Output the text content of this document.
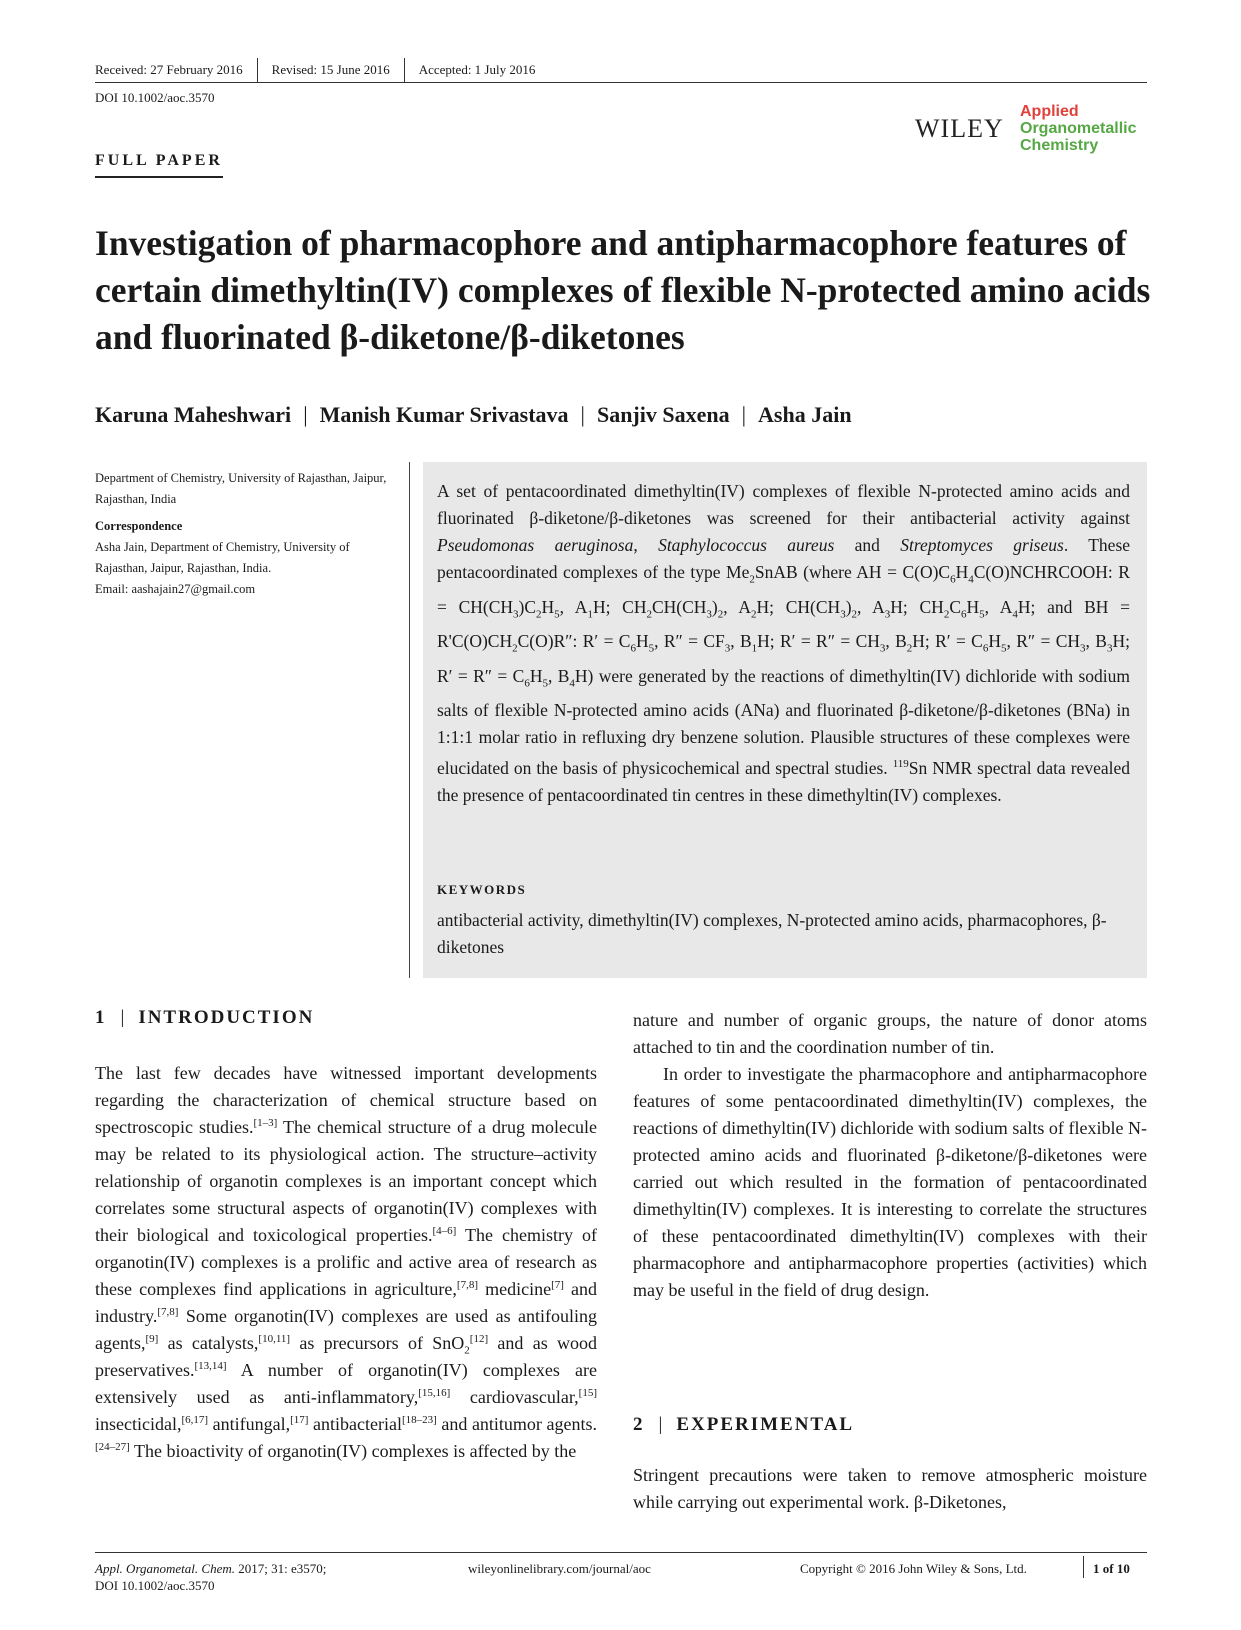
Received: 27 February 2016 Revised: 15 June 2016 Accepted: 1 July 2016
DOI 10.1002/aoc.3570
WILEY
Applied
Organometallic
Chemistry
FULL PAPER
Investigation of pharmacophore and antipharmacophore features of certain dimethyltin(IV) complexes of flexible N-protected amino acids and fluorinated β-diketone/β-diketones
Karuna Maheshwari | Manish Kumar Srivastava | Sanjiv Saxena | Asha Jain
Department of Chemistry, University of Rajasthan, Jaipur, Rajasthan, India
Correspondence
Asha Jain, Department of Chemistry, University of Rajasthan, Jaipur, Rajasthan, India.
Email: aashajain27@gmail.com
A set of pentacoordinated dimethyltin(IV) complexes of flexible N-protected amino acids and fluorinated β-diketone/β-diketones was screened for their antibacterial activity against Pseudomonas aeruginosa, Staphylococcus aureus and Streptomyces griseus. These pentacoordinated complexes of the type $Me_2SnAB$ (where AH = $C(O)C_6H_4C(O)NCHRCOOH$: $R = CH(CH_3)C_2H_5$, $A_1H$; $CH_2CH(CH_3)_2$, $A_2H$; $CH(CH_3)_2$, $A_3H$; $CH_2C_6H_5$, $A_4H$; and BH = $R'C(O)CH_2C(O)R''$: $R' = C_6H_5$, $R'' = CF_3$, $B_1H$; $R' = R'' = CH_3$, $B_2H$; $R' = C_6H_5$, $R'' = CH_3$, $B_3H$; $R' = R'' = C_6H_5$, $B_4H$) were generated by the reactions of dimethyltin(IV) dichloride with sodium salts of flexible N-protected amino acids (ANa) and fluorinated β-diketone/β-diketones (BNa) in 1:1:1 molar ratio in refluxing dry benzene solution. Plausible structures of these complexes were elucidated on the basis of physicochemical and spectral studies. $^{119}$Sn NMR spectral data revealed the presence of pentacoordinated tin centres in these dimethyltin(IV) complexes.
KEYWORDS
antibacterial activity, dimethyltin(IV) complexes, N-protected amino acids, pharmacophores, β-diketones
1 | INTRODUCTION

The last few decades have witnessed important developments regarding the characterization of chemical structure based on spectroscopic studies.[1–3] The chemical structure of a drug molecule may be related to its physiological action. The structure–activity relationship of organotin complexes is an important concept which correlates some structural aspects of organotin(IV) complexes with their biological and toxicological properties.[4–6] The chemistry of organotin(IV) complexes is a prolific and active area of research as these complexes find applications in agriculture,[7,8] medicine[7] and industry.[7,8] Some organotin(IV) complexes are used as antifouling agents,[9] as catalysts,[10,11] as precursors of SnO$_2$[12] and as wood preservatives.[13,14] A number of organotin(IV) complexes are extensively used as anti-inflammatory,[15,16] cardiovascular,[15] insecticidal,[6,17] antifungal,[17] antibacterial[18–23] and antitumor agents.[24–27] The bioactivity of organotin(IV) complexes is affected by the

nature and number of organic groups, the nature of donor atoms attached to tin and the coordination number of tin.

In order to investigate the pharmacophore and antipharmacophore features of some pentacoordinated dimethyltin(IV) complexes, the reactions of dimethyltin(IV) dichloride with sodium salts of flexible N-protected amino acids and fluorinated β-diketone/β-diketones were carried out which resulted in the formation of pentacoordinated dimethyltin(IV) complexes. It is interesting to correlate the structures of these pentacoordinated dimethyltin(IV) complexes with their pharmacophore and antipharmacophore properties (activities) which may be useful in the field of drug design.

2 | EXPERIMENTAL
Stringent precautions were taken to remove atmospheric moisture while carrying out experimental work. β-Diketones,
Appl. Organometal. Chem. 2017; 31: e3570;
DOI 10.1002/aoc.3570
wileyonlinelibrary.com/journal/aoc	Copyright © 2016 John Wiley & Sons, Ltd.	1 of 10
